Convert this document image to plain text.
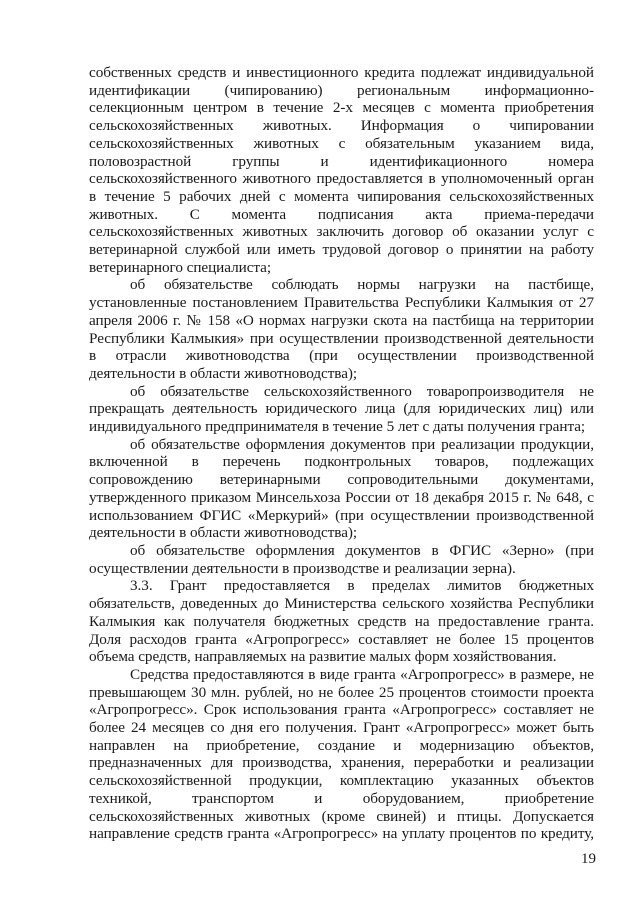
собственных средств и инвестиционного кредита подлежат индивидуальной идентификации (чипированию) региональным информационно-селекционным центром в течение 2-х месяцев с момента приобретения сельскохозяйственных животных. Информация о чипировании сельскохозяйственных животных с обязательным указанием вида, половозрастной группы и идентификационного номера сельскохозяйственного животного предоставляется в уполномоченный орган в течение 5 рабочих дней с момента чипирования сельскохозяйственных животных. С момента подписания акта приема-передачи сельскохозяйственных животных заключить договор об оказании услуг с ветеринарной службой или иметь трудовой договор о принятии на работу ветеринарного специалиста;

об обязательстве соблюдать нормы нагрузки на пастбище, установленные постановлением Правительства Республики Калмыкия от 27 апреля 2006 г. № 158 «О нормах нагрузки скота на пастбища на территории Республики Калмыкия» при осуществлении производственной деятельности в отрасли животноводства (при осуществлении производственной деятельности в области животноводства);

об обязательстве сельскохозяйственного товаропроизводителя не прекращать деятельность юридического лица (для юридических лиц) или индивидуального предпринимателя в течение 5 лет с даты получения гранта;

об обязательстве оформления документов при реализации продукции, включенной в перечень подконтрольных товаров, подлежащих сопровождению ветеринарными сопроводительными документами, утвержденного приказом Минсельхоза России от 18 декабря 2015 г. № 648, с использованием ФГИС «Меркурий» (при осуществлении производственной деятельности в области животноводства);

об обязательстве оформления документов в ФГИС «Зерно» (при осуществлении деятельности в производстве и реализации зерна).

3.3. Грант предоставляется в пределах лимитов бюджетных обязательств, доведенных до Министерства сельского хозяйства Республики Калмыкия как получателя бюджетных средств на предоставление гранта. Доля расходов гранта «Агропрогресс» составляет не более 15 процентов объема средств, направляемых на развитие малых форм хозяйствования.

Средства предоставляются в виде гранта «Агропрогресс» в размере, не превышающем 30 млн. рублей, но не более 25 процентов стоимости проекта «Агропрогресс». Срок использования гранта «Агропрогресс» составляет не более 24 месяцев со дня его получения. Грант «Агропрогресс» может быть направлен на приобретение, создание и модернизацию объектов, предназначенных для производства, хранения, переработки и реализации сельскохозяйственной продукции, комплектацию указанных объектов техникой, транспортом и оборудованием, приобретение сельскохозяйственных животных (кроме свиней) и птицы. Допускается направление средств гранта «Агропрогресс» на уплату процентов по кредиту,

19
